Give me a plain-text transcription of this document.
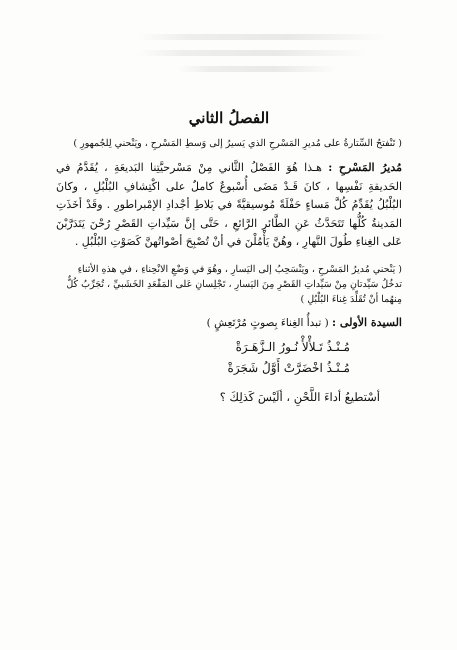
الفصلُ الثاني

( تَنْفتحُ السِّتارةُ على مُديرِ المَسْرحِ الذي يَسيرُ إلى وَسطِ المَسْرحِ ، ويَنْحني لِلجُمهورِ )

مُديرُ المَسْرحِ : هـذا هُوَ الفَصْلُ الثَّاني مِنْ مَسْرحيَّتِنا البَديعَةِ ، يُقَدَّمُ في الحَديقةِ نَفْسِها ، كانَ قَـدْ مَضَى أُسْبوعٌ كاملٌ على اكْتِشافِ البُلْبُلِ ، وكانَ البُلْبُلُ يُقَدِّمُ كُلَّ مَساءٍ حَفْلَةً مُوسيقيَّةً في بَلاطِ أجْدادِ الإمْبراطورِ . وقَدْ أخَذَتِ المَدينةُ كُلُّها تَتَحَدَّثُ عَنِ الطَّائرِ الرَّائعِ ، حَتَّى إنَّ سَيِّداتِ القَصْرِ رُحْنَ يَتَدَرَّبْنَ عَلى الغِناءِ طُولَ النَّهارِ ، وهُنَّ يَأْمُلْنَ في أنْ تُصْبِحَ أصْواتُهنَّ كَصَوْتِ البُلْبُلِ .

( يَنْحني مُديرُ المَسْرحِ ، ويَنْسَحِبُ إلى اليَسارِ ، وهُوَ في وَضْعِ الانْحِناءِ ، في هذهِ الأثناءِ تدخُلُ سَيِّدتانِ مِنْ سَيِّداتِ القَصْرِ مِنَ اليَسارِ ، تَجْلِسانِ عَلى المَقْعَدِ الخَشَبيِّ ، تُجَرِّبُ كُلٌّ مِنهُما أنْ تُقَلِّدَ غِناءَ البُلْبُلِ )

السيدة الأولى : ( تبدأُ الغِناءَ بِصوتٍ مُرْتَعِشٍ )

مُـنْـذُ تَـلأْلأْ نُـورُ الـزَّهَـرَةْ
مُـنْـذُ اخْضَرَّتْ أَوَّلُ شَجَرَةْ

أسْتطيعُ أداءَ اللَّحْنِ ، ألَيْسَ كَذلِكَ ؟
